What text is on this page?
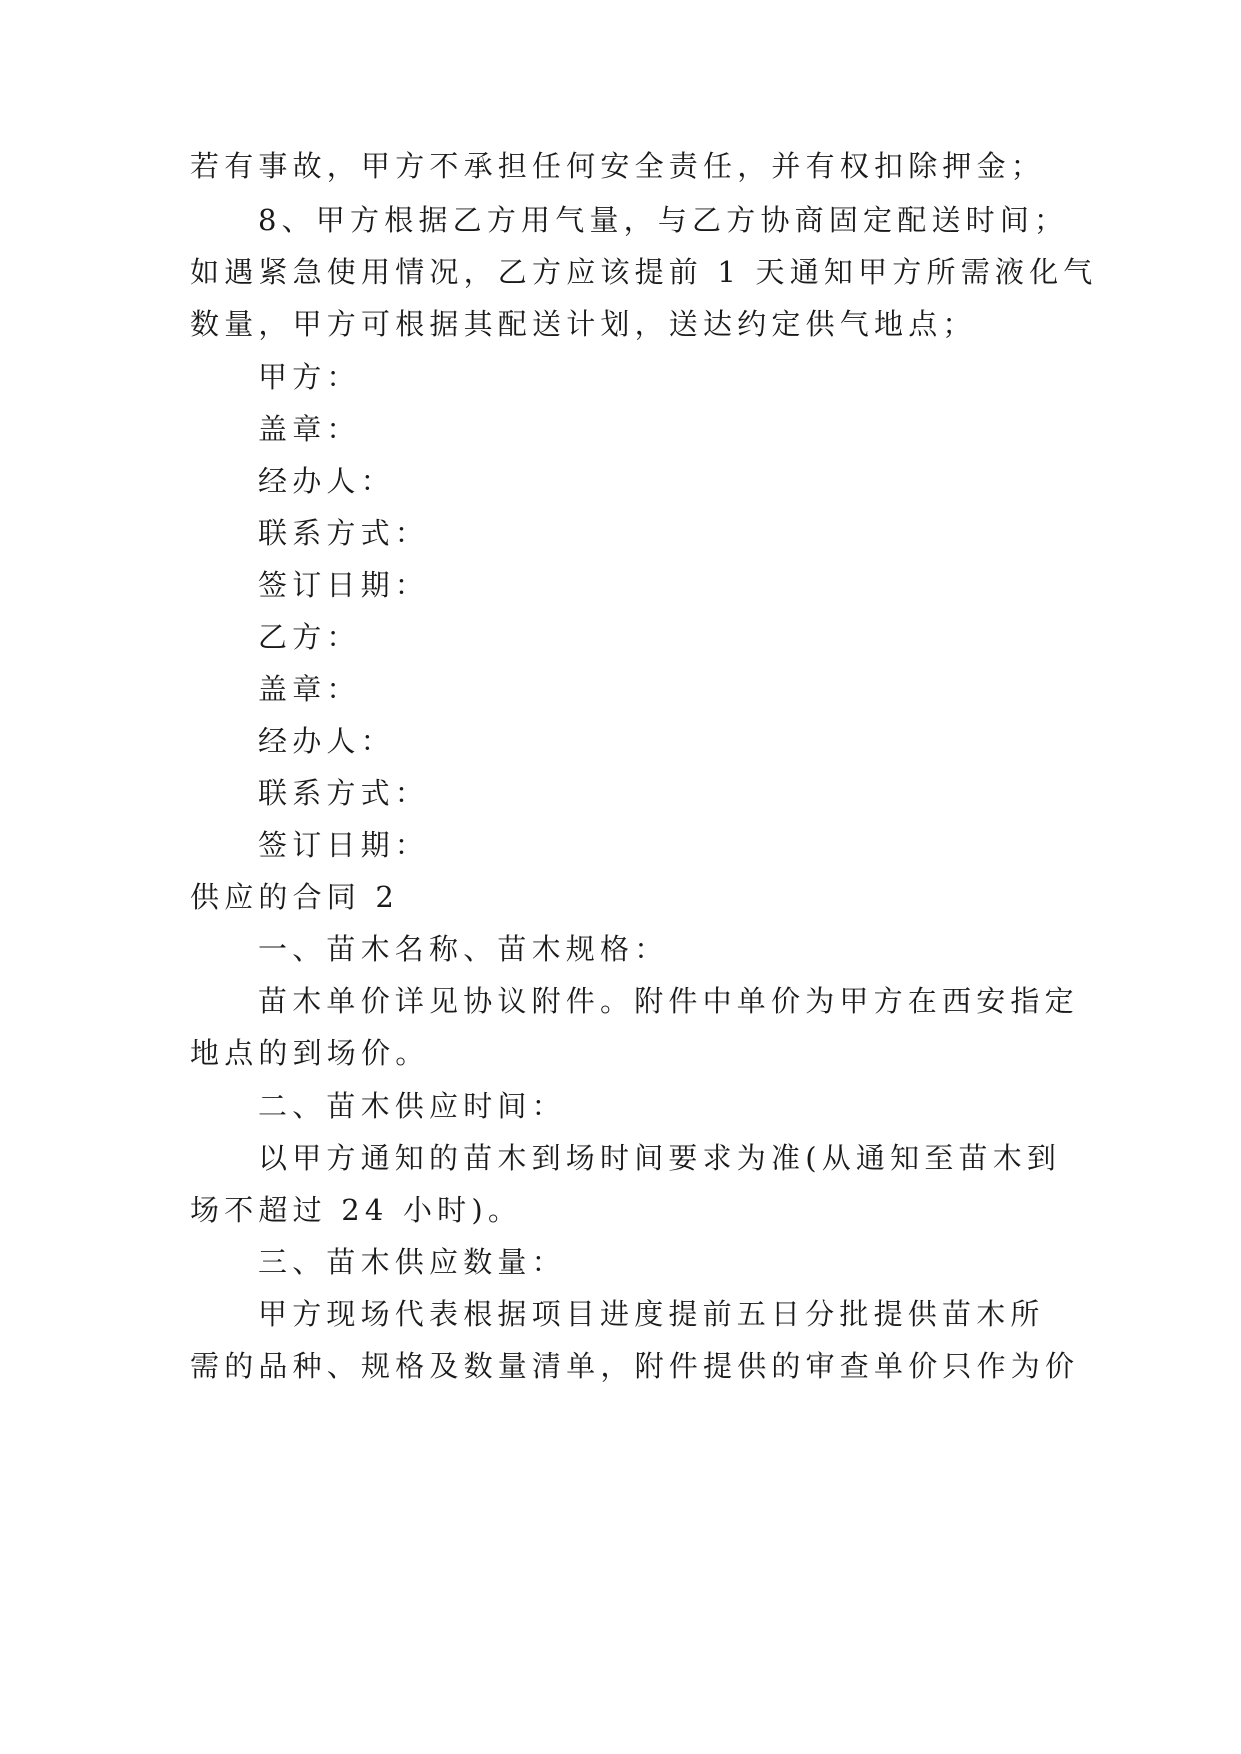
若有事故，甲方不承担任何安全责任，并有权扣除押金；
8、甲方根据乙方用气量，与乙方协商固定配送时间；
如遇紧急使用情况，乙方应该提前 1 天通知甲方所需液化气
数量，甲方可根据其配送计划，送达约定供气地点；
甲方：
盖章：
经办人：
联系方式：
签订日期：
乙方：
盖章：
经办人：
联系方式：
签订日期：
供应的合同 2
一、苗木名称、苗木规格：
苗木单价详见协议附件。附件中单价为甲方在西安指定
地点的到场价。
二、苗木供应时间：
以甲方通知的苗木到场时间要求为准(从通知至苗木到
场不超过 24 小时)。
三、苗木供应数量：
甲方现场代表根据项目进度提前五日分批提供苗木所
需的品种、规格及数量清单，附件提供的审查单价只作为价
